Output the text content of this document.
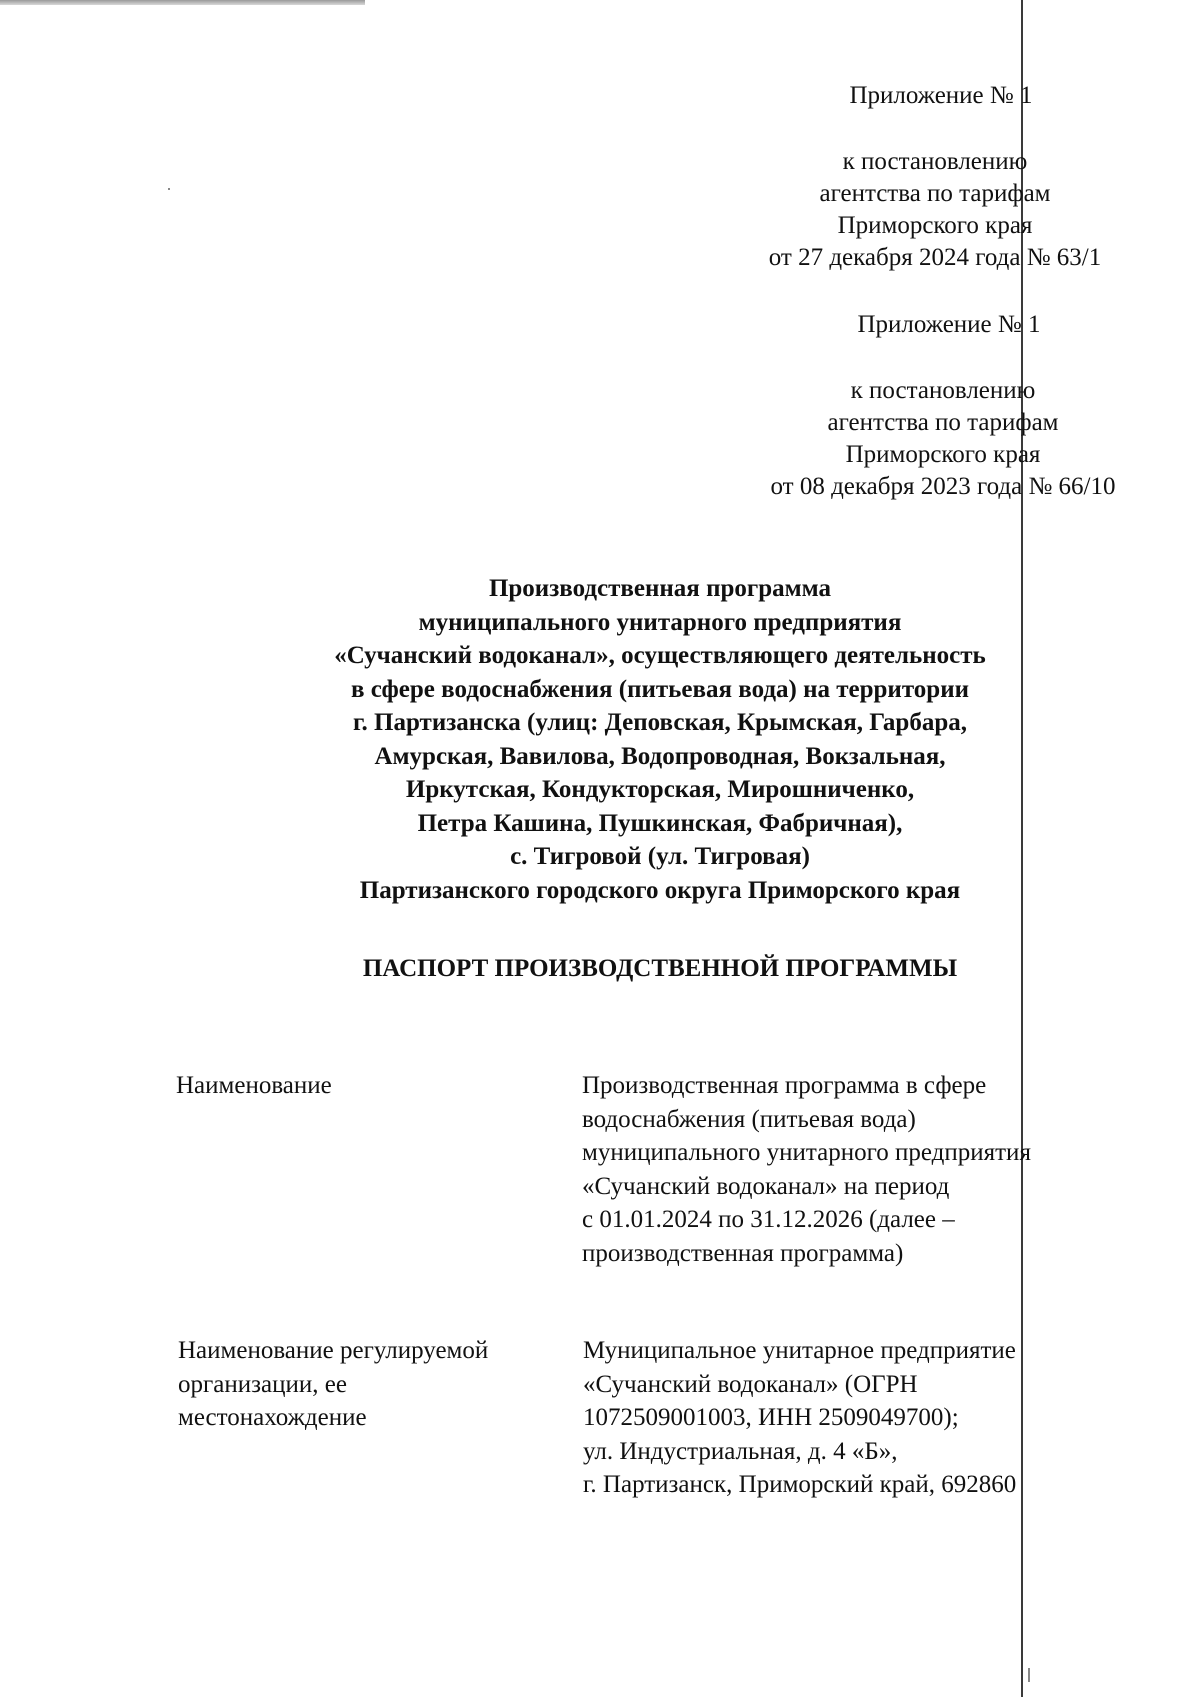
Приложение № 1
к постановлению
агентства по тарифам
Приморского края
от 27 декабря 2024 года № 63/1
Приложение № 1
к постановлению
агентства по тарифам
Приморского края
от 08 декабря 2023 года № 66/10
Производственная программа
муниципального унитарного предприятия
«Сучанский водоканал», осуществляющего деятельность
в сфере водоснабжения (питьевая вода) на территории
г. Партизанска (улиц: Деповская, Крымская, Гарбара,
Амурская, Вавилова, Водопроводная, Вокзальная,
Иркутская, Кондукторская, Мирошниченко,
Петра Кашина, Пушкинская, Фабричная),
с. Тигровой (ул. Тигровая)
Партизанского городского округа Приморского края
ПАСПОРТ ПРОИЗВОДСТВЕННОЙ ПРОГРАММЫ
Наименование	Производственная программа в сфере
водоснабжения (питьевая вода)
муниципального унитарного предприятия
«Сучанский водоканал» на период
с 01.01.2024 по 31.12.2026 (далее –
производственная программа)
Наименование регулируемой
организации, ее
местонахождение
Муниципальное унитарное предприятие
«Сучанский водоканал» (ОГРН
1072509001003, ИНН 2509049700);
ул. Индустриальная, д. 4 «Б»,
г. Партизанск, Приморский край, 692860
